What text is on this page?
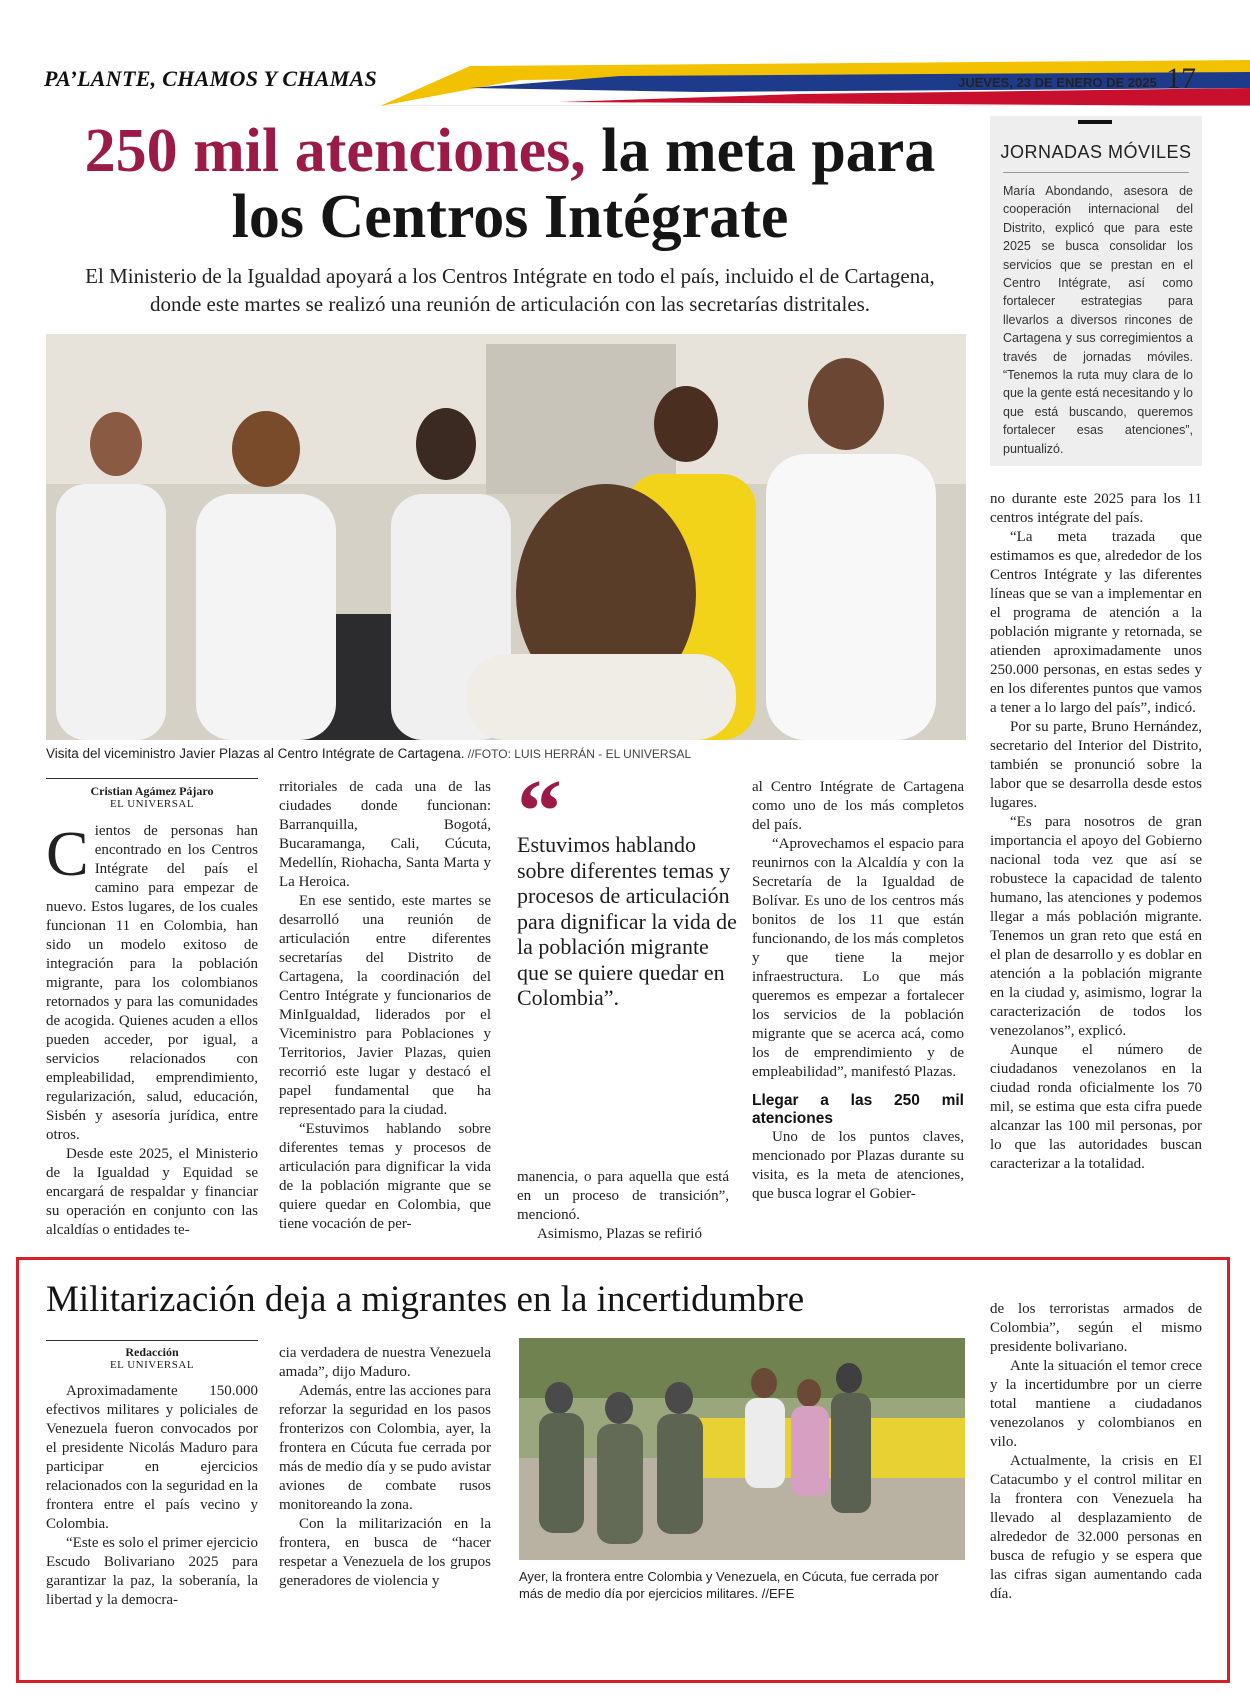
PA’LANTE, CHAMOS Y CHAMAS	JUEVES, 23 DE ENERO DE 2025 17
250 mil atenciones, la meta para los Centros Intégrate
El Ministerio de la Igualdad apoyará a los Centros Intégrate en todo el país, incluido el de Cartagena, donde este martes se realizó una reunión de articulación con las secretarías distritales.
JORNADAS MÓVILES
María Abondando, asesora de cooperación internacional del Distrito, explicó que para este 2025 se busca consolidar los servicios que se prestan en el Centro Intégrate, así como fortalecer estrategias para llevarlos a diversos rincones de Cartagena y sus corregimientos a través de jornadas móviles. “Tenemos la ruta muy clara de lo que la gente está necesitando y lo que está buscando, queremos fortalecer esas atenciones”, puntualizó.
Visita del viceministro Javier Plazas al Centro Intégrate de Cartagena. //FOTO: LUIS HERRÁN - EL UNIVERSAL
Cristian Agámez Pájaro
EL UNIVERSAL

Cientos de personas han encontrado en los Centros Intégrate del país el camino para empezar de nuevo. Estos lugares, de los cuales funcionan 11 en Colombia, han sido un modelo exitoso de integración para la población migrante, para los colombianos retornados y para las comunidades de acogida. Quienes acuden a ellos pueden acceder, por igual, a servicios relacionados con empleabilidad, emprendimiento, regularización, salud, educación, Sisbén y asesoría jurídica, entre otros.

Desde este 2025, el Ministerio de la Igualdad y Equidad se encargará de respaldar y financiar su operación en conjunto con las alcaldías o entidades te-

rritoriales de cada una de las ciudades donde funcionan: Barranquilla, Bogotá, Bucaramanga, Cali, Cúcuta, Medellín, Riohacha, Santa Marta y La Heroica.

En ese sentido, este martes se desarrolló una reunión de articulación entre diferentes secretarías del Distrito de Cartagena, la coordinación del Centro Intégrate y funcionarios de MinIgualdad, liderados por el Viceministro para Poblaciones y Territorios, Javier Plazas, quien recorrió este lugar y destacó el papel fundamental que ha representado para la ciudad.

“Estuvimos hablando sobre diferentes temas y procesos de articulación para dignificar la vida de la población migrante que se quiere quedar en Colombia, que tiene vocación de per-

“
Estuvimos hablando sobre diferentes temas y procesos de articulación para dignificar la vida de la población migrante que se quiere quedar en Colombia”.

manencia, o para aquella que está en un proceso de transición”, mencionó.

Asimismo, Plazas se refirió

al Centro Intégrate de Cartagena como uno de los más completos del país.

“Aprovechamos el espacio para reunirnos con la Alcaldía y con la Secretaría de la Igualdad de Bolívar. Es uno de los centros más bonitos de los 11 que están funcionando, de los más completos y que tiene la mejor infraestructura. Lo que más queremos es empezar a fortalecer los servicios de la población migrante que se acerca acá, como los de emprendimiento y de empleabilidad”, manifestó Plazas.

Llegar a las 250 mil atenciones

Uno de los puntos claves, mencionado por Plazas durante su visita, es la meta de atenciones, que busca lograr el Gobier-

no durante este 2025 para los 11 centros intégrate del país.

“La meta trazada que estimamos es que, alrededor de los Centros Intégrate y las diferentes líneas que se van a implementar en el programa de atención a la población migrante y retornada, se atienden aproximadamente unos 250.000 personas, en estas sedes y en los diferentes puntos que vamos a tener a lo largo del país”, indicó.

Por su parte, Bruno Hernández, secretario del Interior del Distrito, también se pronunció sobre la labor que se desarrolla desde estos lugares.

“Es para nosotros de gran importancia el apoyo del Gobierno nacional toda vez que así se robustece la capacidad de talento humano, las atenciones y podemos llegar a más población migrante. Tenemos un gran reto que está en el plan de desarrollo y es doblar en atención a la población migrante en la ciudad y, asimismo, lograr la caracterización de todos los venezolanos”, explicó.

Aunque el número de ciudadanos venezolanos en la ciudad ronda oficialmente los 70 mil, se estima que esta cifra puede alcanzar las 100 mil personas, por lo que las autoridades buscan caracterizar a la totalidad.

Militarización deja a migrantes en la incertidumbre
Redacción
EL UNIVERSAL

Aproximadamente 150.000 efectivos militares y policiales de Venezuela fueron convocados por el presidente Nicolás Maduro para participar en ejercicios relacionados con la seguridad en la frontera entre el país vecino y Colombia.

“Este es solo el primer ejercicio Escudo Bolivariano 2025 para garantizar la paz, la soberanía, la libertad y la democra-

cia verdadera de nuestra Venezuela amada”, dijo Maduro.

Además, entre las acciones para reforzar la seguridad en los pasos fronterizos con Colombia, ayer, la frontera en Cúcuta fue cerrada por más de medio día y se pudo avistar aviones de combate rusos monitoreando la zona.

Con la militarización en la frontera, en busca de “hacer respetar a Venezuela de los grupos generadores de violencia y	Ayer, la frontera entre Colombia y Venezuela, en Cúcuta, fue cerrada por más de medio día por ejercicios militares. //EFE

de los terroristas armados de Colombia”, según el mismo presidente bolivariano.

Ante la situación el temor crece y la incertidumbre por un cierre total mantiene a ciudadanos venezolanos y colombianos en vilo.

Actualmente, la crisis en El Catacumbo y el control militar en la frontera con Venezuela ha llevado al desplazamiento de alrededor de 32.000 personas en busca de refugio y se espera que las cifras sigan aumentando cada día.
